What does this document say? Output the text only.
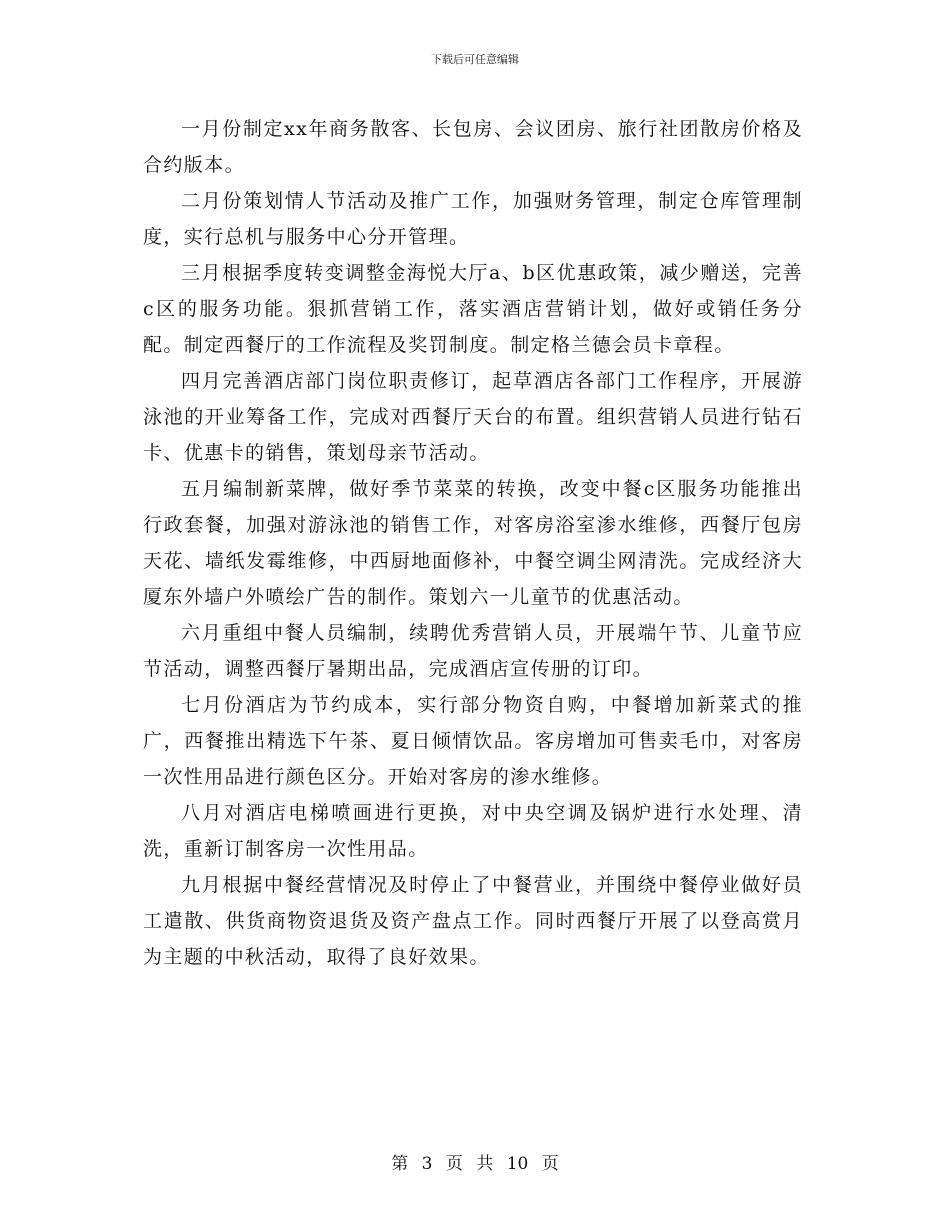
下载后可任意编辑

一月份制定xx年商务散客、长包房、会议团房、旅行社团散房价格及合约版本。

二月份策划情人节活动及推广工作，加强财务管理，制定仓库管理制度，实行总机与服务中心分开管理。

三月根据季度转变调整金海悦大厅a、b区优惠政策，减少赠送，完善c区的服务功能。狠抓营销工作，落实酒店营销计划，做好或销任务分配。制定西餐厅的工作流程及奖罚制度。制定格兰德会员卡章程。

四月完善酒店部门岗位职责修订，起草酒店各部门工作程序，开展游泳池的开业筹备工作，完成对西餐厅天台的布置。组织营销人员进行钻石卡、优惠卡的销售，策划母亲节活动。

五月编制新菜牌，做好季节菜菜的转换，改变中餐c区服务功能推出行政套餐，加强对游泳池的销售工作，对客房浴室渗水维修，西餐厅包房天花、墙纸发霉维修，中西厨地面修补，中餐空调尘网清洗。完成经济大厦东外墙户外喷绘广告的制作。策划六一儿童节的优惠活动。

六月重组中餐人员编制，续聘优秀营销人员，开展端午节、儿童节应节活动，调整西餐厅暑期出品，完成酒店宣传册的订印。

七月份酒店为节约成本，实行部分物资自购，中餐增加新菜式的推广，西餐推出精选下午茶、夏日倾情饮品。客房增加可售卖毛巾，对客房一次性用品进行颜色区分。开始对客房的渗水维修。

八月对酒店电梯喷画进行更换，对中央空调及锅炉进行水处理、清洗，重新订制客房一次性用品。

九月根据中餐经营情况及时停止了中餐营业，并围绕中餐停业做好员工遣散、供货商物资退货及资产盘点工作。同时西餐厅开展了以登高赏月为主题的中秋活动，取得了良好效果。

第 3 页 共 10 页
